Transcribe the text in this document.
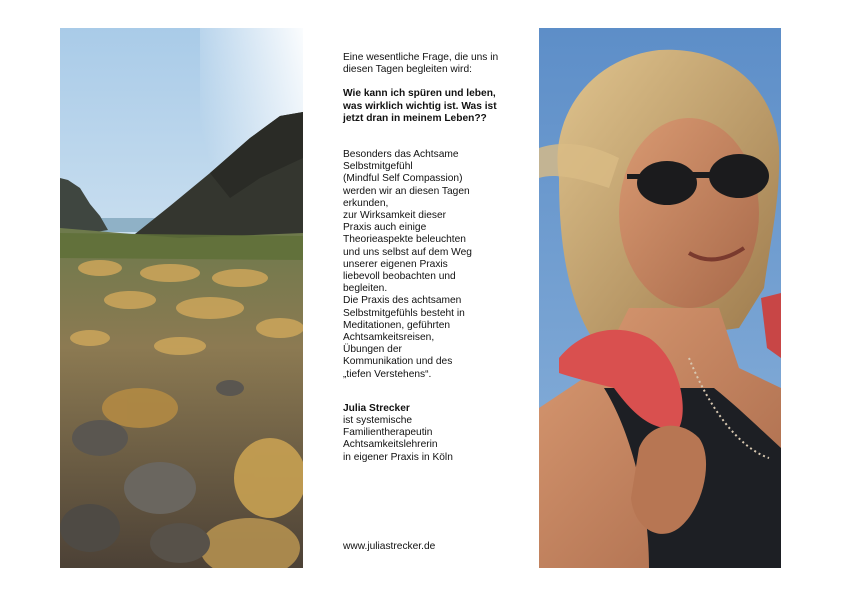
Eine wesentliche Frage, die uns in diesen Tagen begleiten wird:

Wie kann ich spüren und leben, was wirklich wichtig ist. Was ist jetzt dran in meinem Leben??

Besonders das Achtsame
Selbstmitgefühl
(Mindful Self Compassion)
werden wir an diesen Tagen
erkunden,
zur Wirksamkeit dieser
Praxis auch einige
Theorieaspekte beleuchten
und uns selbst auf dem Weg
unserer eigenen Praxis
liebevoll beobachten und
begleiten.
Die Praxis des achtsamen
Selbstmitgefühls besteht in
Meditationen, geführten
Achtsamkeitsreisen,
Übungen der
Kommunikation und des
„tiefen Verstehens“.

Julia Strecker
ist systemische
Familientherapeutin
Achtsamkeitslehrerin
in eigener Praxis in Köln

www.juliastrecker.de
